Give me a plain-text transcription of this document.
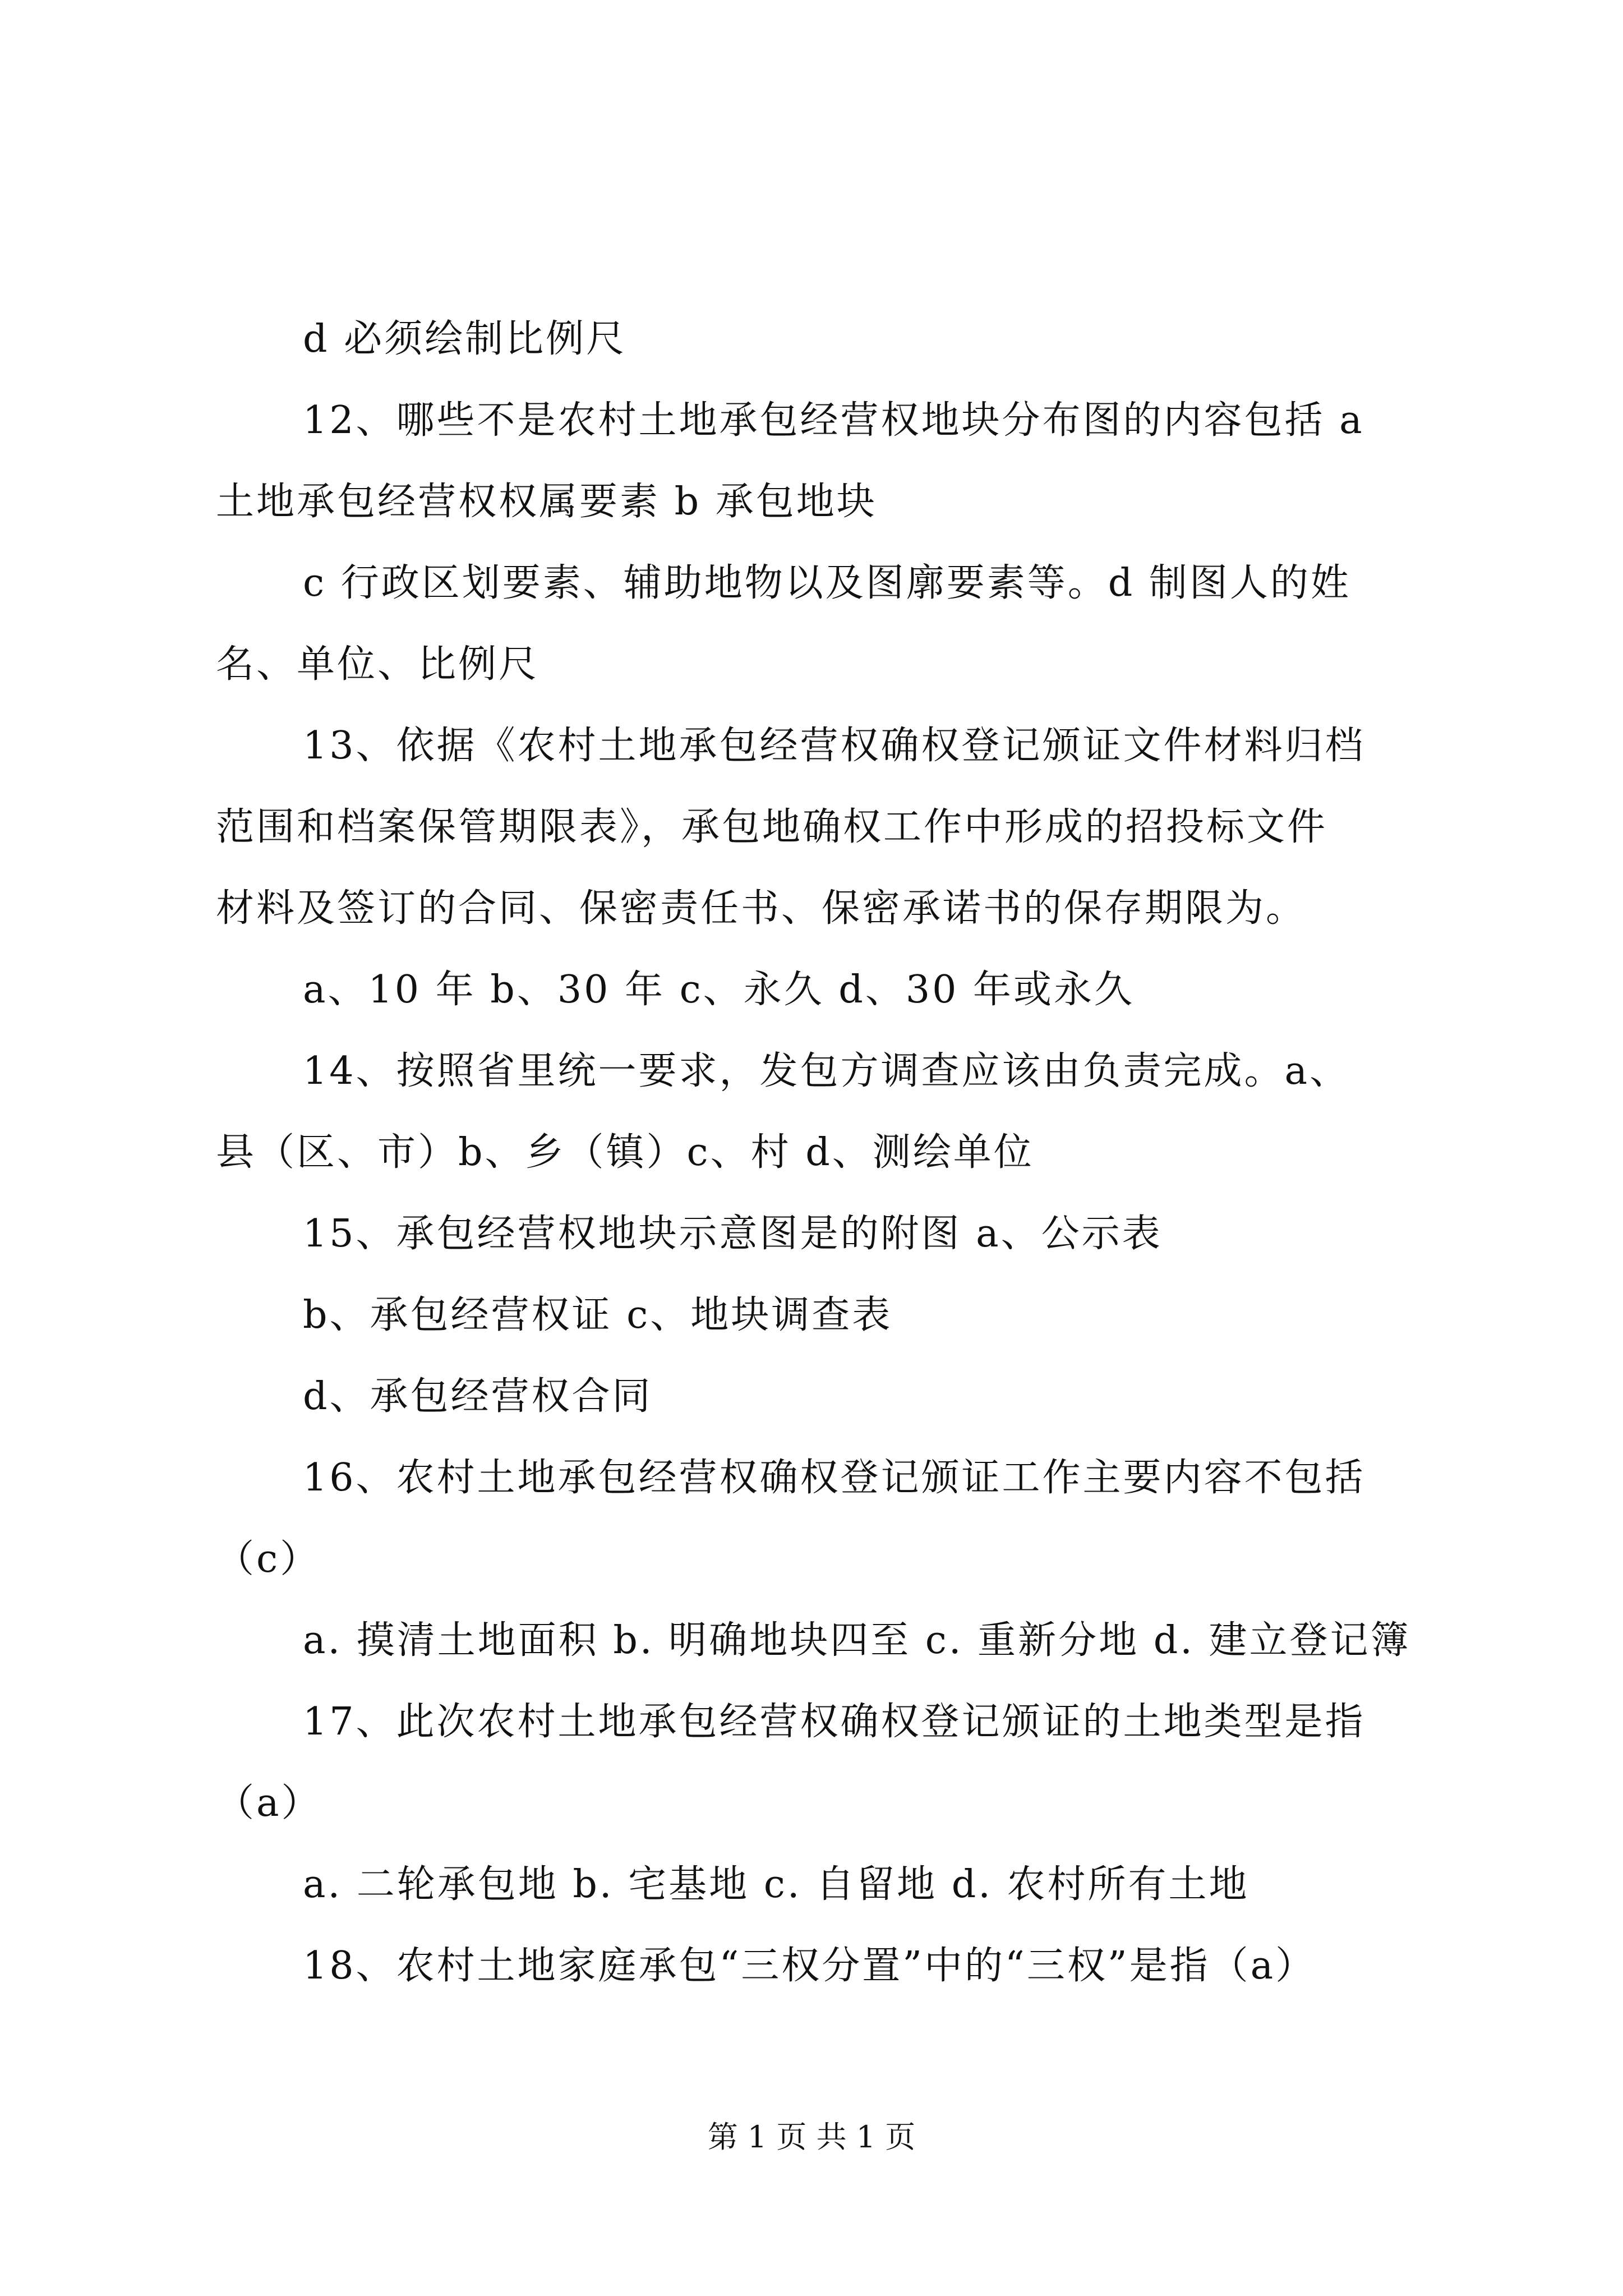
d 必须绘制比例尺
12、哪些不是农村土地承包经营权地块分布图的内容包括 a
土地承包经营权权属要素 b 承包地块
c 行政区划要素、辅助地物以及图廓要素等。d 制图人的姓
名、单位、比例尺
13、依据《农村土地承包经营权确权登记颁证文件材料归档
范围和档案保管期限表》，承包地确权工作中形成的招投标文件
材料及签订的合同、保密责任书、保密承诺书的保存期限为。
a、10 年 b、30 年 c、永久 d、30 年或永久
14、按照省里统一要求，发包方调查应该由负责完成。a、
县（区、市）b、乡（镇）c、村 d、测绘单位
15、承包经营权地块示意图是的附图 a、公示表
b、承包经营权证 c、地块调查表
d、承包经营权合同
16、农村土地承包经营权确权登记颁证工作主要内容不包括
（c）
a. 摸清土地面积 b. 明确地块四至 c. 重新分地 d. 建立登记簿
17、此次农村土地承包经营权确权登记颁证的土地类型是指
（a）
a. 二轮承包地 b. 宅基地 c. 自留地 d. 农村所有土地
18、农村土地家庭承包“三权分置”中的“三权”是指（a）
第 1 页 共 1 页
